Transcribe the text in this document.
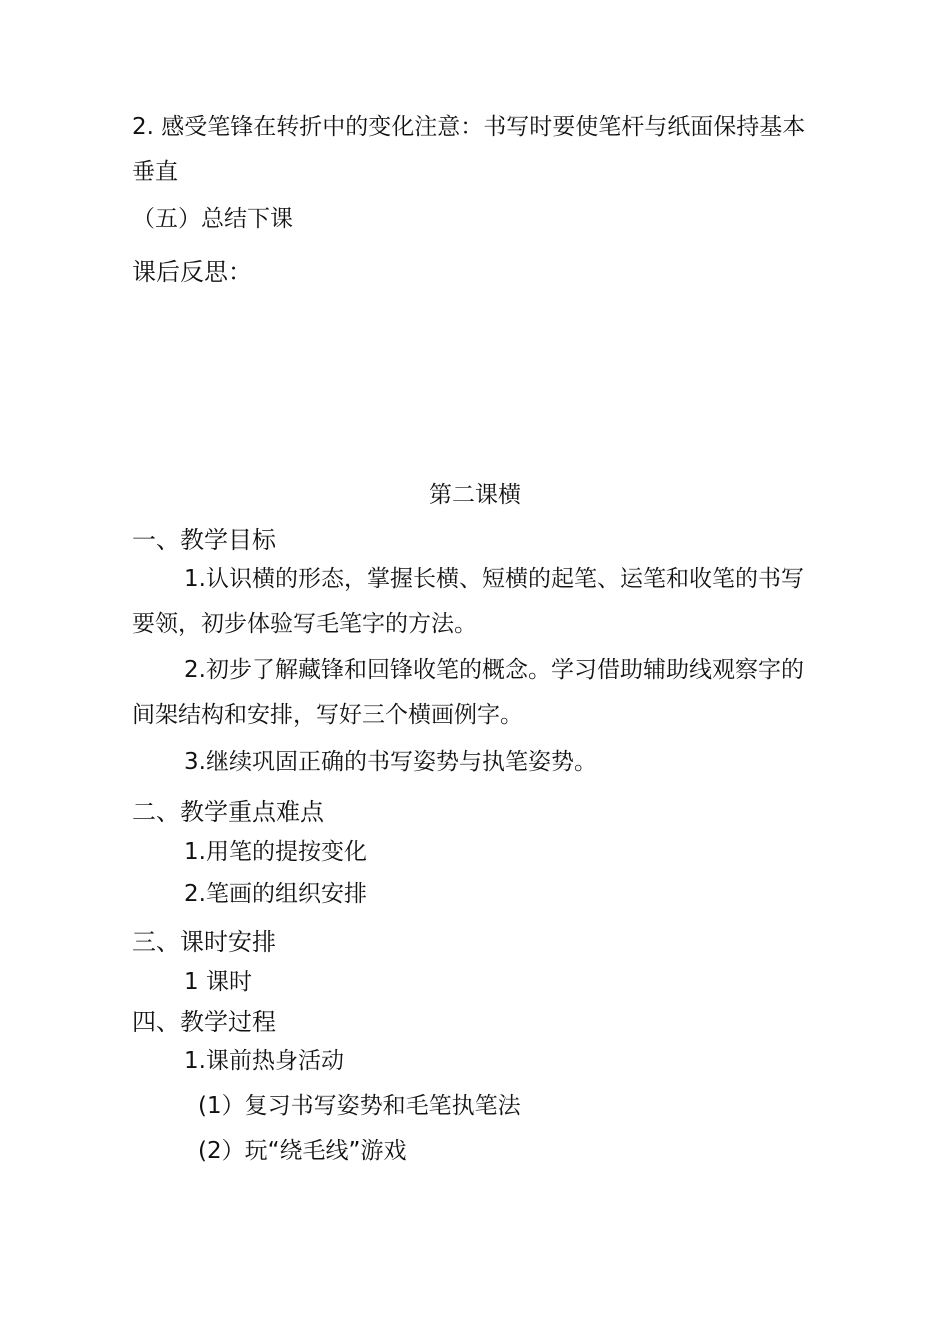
2. 感受笔锋在转折中的变化注意：书写时要使笔杆与纸面保持基本
垂直
（五）总结下课
课后反思：
第二课横
一、教学目标
1.认识横的形态，掌握长横、短横的起笔、运笔和收笔的书写
要领，初步体验写毛笔字的方法。
2.初步了解藏锋和回锋收笔的概念。学习借助辅助线观察字的
间架结构和安排，写好三个横画例字。
3.继续巩固正确的书写姿势与执笔姿势。
二、教学重点难点
1.用笔的提按变化
2.笔画的组织安排
三、课时安排
1 课时
四、教学过程
1.课前热身活动
(1）复习书写姿势和毛笔执笔法
(2）玩“绕毛线”游戏
